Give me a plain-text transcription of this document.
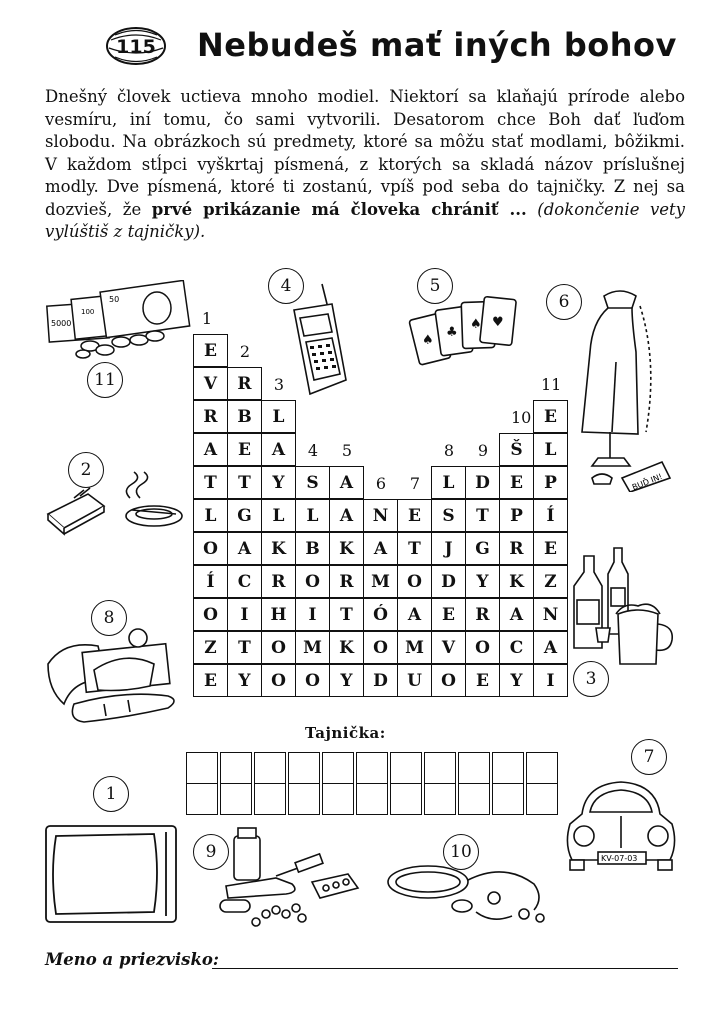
115 Nebudeš mať iných bohov
Dnešný človek uctieva mnoho modiel. Niektorí sa klaňajú prírode alebo vesmíru, iní tomu, čo sami vytvorili. Desatorom chce Boh dať ľuďom slobodu. Na obrázkoch sú predmety, ktoré sa môžu stať modlami, bôžikmi. V každom stĺpci vyškrtaj písmená, z ktorých sa skladá názov príslušnej modly. Dve písmená, ktoré ti zostanú, vpíš pod seba do tajničky. Z nej sa dozvieš, že prvé prikázanie má človeka chrániť ... (dokončenie vety vylúštiš z tajničky).
1
E
V
R
A
T
L
O
Í
O
Z
E
2
R
B
E
T
G
A
C
I
T
Y
3
L
A
Y
L
K
R
H
O
O
4
S
L
B
O
I
M
O
5
A
A
K
R
T
K
Y
6
N
A
M
Ó
O
D
7
E
T
O
A
M
U
8
L
S
J
D
E
V
O
9
D
T
G
Y
R
O
E
10
Š
E
P
R
K
A
C
Y
11
E
L
P
Í
E
Z
N
A
I
5000
100
50
11
4	5
♠
♣
♠ ♥
6
BUĎ IN!
2
3
8
7
KV-07-03
1
9	10
Tajnička:
Meno a priezvisko:
